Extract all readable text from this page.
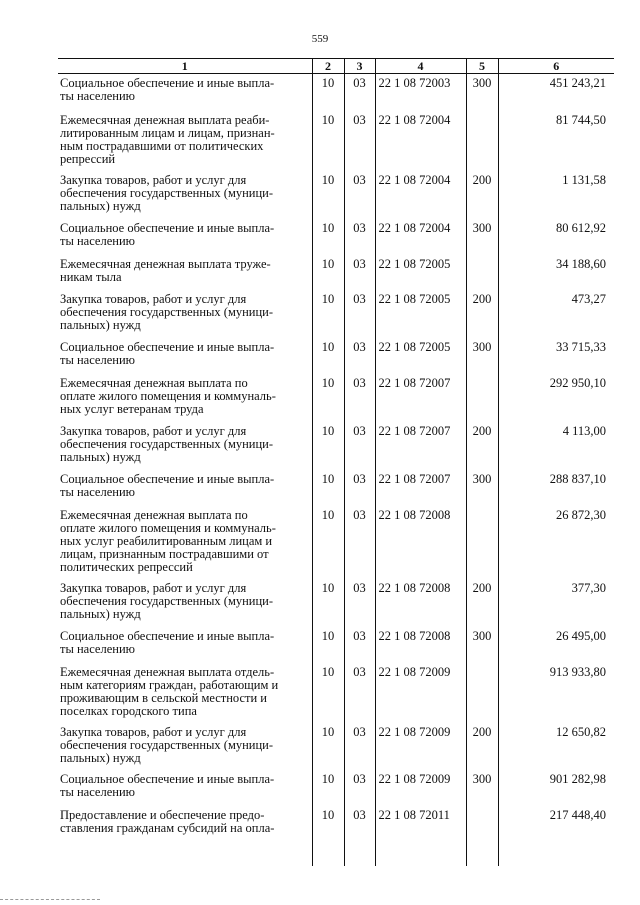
559
1	2	3	4	5	6
Социальное обеспечение и иные выпла-
ты населению	10	03	22 1 08 72003	300	451 243,21
Ежемесячная денежная выплата реаби-
литированным лицам и лицам, признан-
ным пострадавшими от политических
репрессий	10	03	22 1 08 72004		81 744,50
Закупка товаров, работ и услуг для
обеспечения государственных (муници-
пальных) нужд	10	03	22 1 08 72004	200	1 131,58
Социальное обеспечение и иные выпла-
ты населению	10	03	22 1 08 72004	300	80 612,92
Ежемесячная денежная выплата труже-
никам тыла	10	03	22 1 08 72005		34 188,60
Закупка товаров, работ и услуг для
обеспечения государственных (муници-
пальных) нужд	10	03	22 1 08 72005	200	473,27
Социальное обеспечение и иные выпла-
ты населению	10	03	22 1 08 72005	300	33 715,33
Ежемесячная денежная выплата по
оплате жилого помещения и коммуналь-
ных услуг ветеранам труда	10	03	22 1 08 72007		292 950,10
Закупка товаров, работ и услуг для
обеспечения государственных (муници-
пальных) нужд	10	03	22 1 08 72007	200	4 113,00
Социальное обеспечение и иные выпла-
ты населению	10	03	22 1 08 72007	300	288 837,10
Ежемесячная денежная выплата по
оплате жилого помещения и коммуналь-
ных услуг реабилитированным лицам и
лицам, признанным пострадавшими от
политических репрессий	10	03	22 1 08 72008		26 872,30
Закупка товаров, работ и услуг для
обеспечения государственных (муници-
пальных) нужд	10	03	22 1 08 72008	200	377,30
Социальное обеспечение и иные выпла-
ты населению	10	03	22 1 08 72008	300	26 495,00
Ежемесячная денежная выплата отдель-
ным категориям граждан, работающим и
проживающим в сельской местности и
поселках городского типа	10	03	22 1 08 72009		913 933,80
Закупка товаров, работ и услуг для
обеспечения государственных (муници-
пальных) нужд	10	03	22 1 08 72009	200	12 650,82
Социальное обеспечение и иные выпла-
ты населению	10	03	22 1 08 72009	300	901 282,98
Предоставление и обеспечение предо-
ставления гражданам субсидий на опла-	10	03	22 1 08 72011		217 448,40
